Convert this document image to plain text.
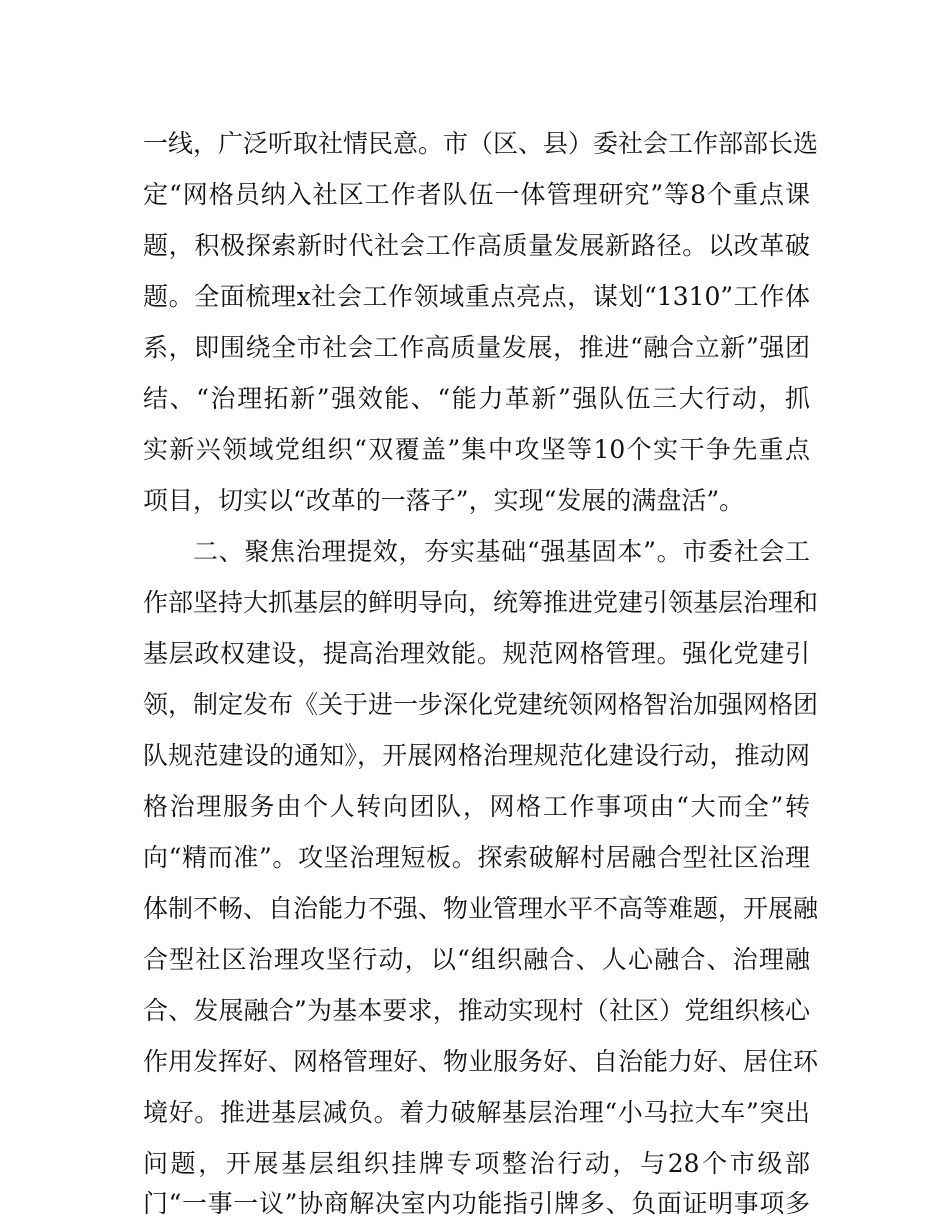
一线，广泛听取社情民意。市（区、县）委社会工作部部长选
定“网格员纳入社区工作者队伍一体管理研究”等8个重点课
题，积极探索新时代社会工作高质量发展新路径。以改革破
题。全面梳理x社会工作领域重点亮点，谋划“1310”工作体
系，即围绕全市社会工作高质量发展，推进“融合立新”强团
结、“治理拓新”强效能、“能力革新”强队伍三大行动，抓
实新兴领域党组织“双覆盖”集中攻坚等10个实干争先重点
项目，切实以“改革的一落子”，实现“发展的满盘活”。
二、聚焦治理提效，夯实基础“强基固本”。市委社会工
作部坚持大抓基层的鲜明导向，统筹推进党建引领基层治理和
基层政权建设，提高治理效能。规范网格管理。强化党建引
领，制定发布《关于进一步深化党建统领网格智治加强网格团
队规范建设的通知》，开展网格治理规范化建设行动，推动网
格治理服务由个人转向团队，网格工作事项由“大而全”转
向“精而准”。攻坚治理短板。探索破解村居融合型社区治理
体制不畅、自治能力不强、物业管理水平不高等难题，开展融
合型社区治理攻坚行动，以“组织融合、人心融合、治理融
合、发展融合”为基本要求，推动实现村（社区）党组织核心
作用发挥好、网格管理好、物业服务好、自治能力好、居住环
境好。推进基层减负。着力破解基层治理“小马拉大车”突出
问题，开展基层组织挂牌专项整治行动，与28个市级部
门“一事一议”协商解决室内功能指引牌多、负面证明事项多
